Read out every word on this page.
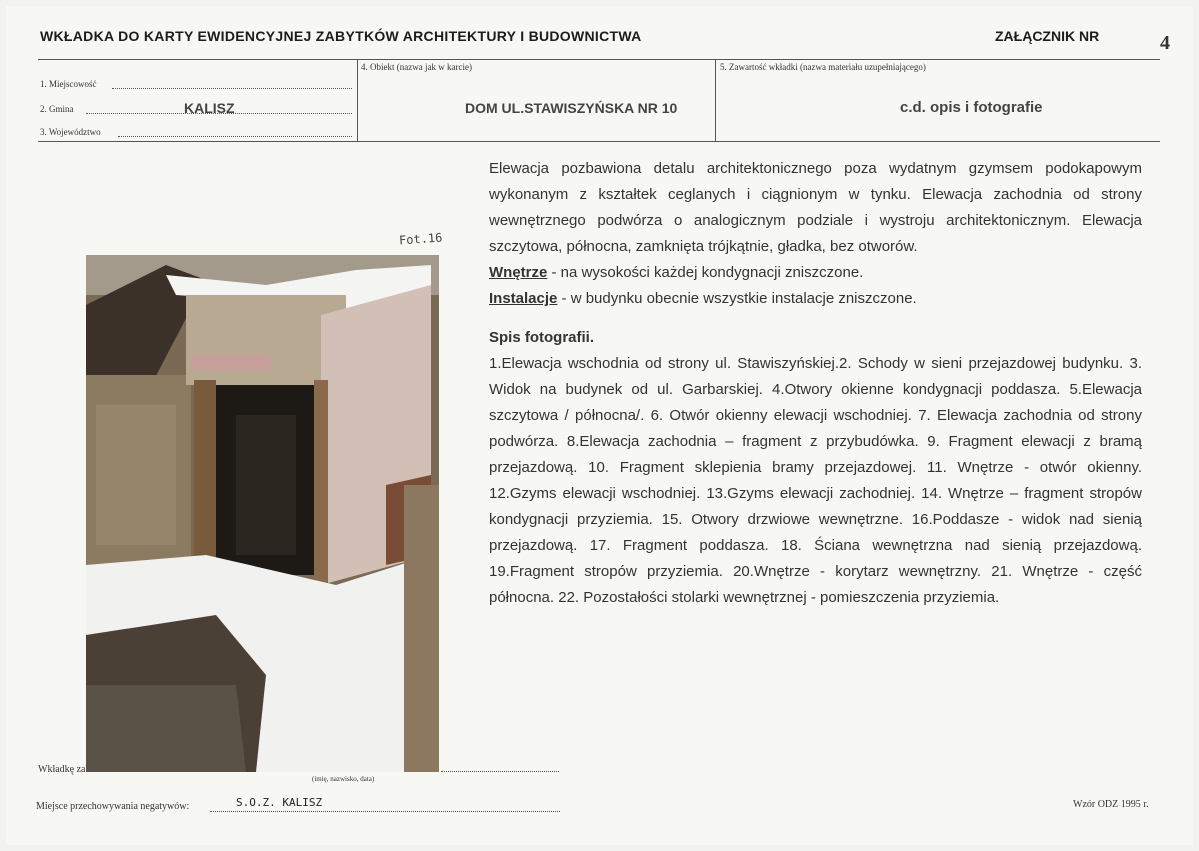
WKŁADKA DO KARTY EWIDENCYJNEJ ZABYTKÓW ARCHITEKTURY I BUDOWNICTWA	ZAŁĄCZNIK NR	4
1. Miejscowość
2. Gmina	KALISZ
3. Województwo
4. Obiekt (nazwa jak w karcie)
DOM UL.STAWISZYŃSKA NR 10
5. Zawartość wkładki (nazwa materiału uzupełniającego)
c.d. opis i fotografie
Fot.16

Elewacja pozbawiona detalu architektonicznego poza wydatnym gzymsem podokapowym wykonanym z kształtek ceglanych i ciągnionym w tynku. Elewacja zachodnia od strony wewnętrznego podwórza o analogicznym podziale i wystroju architektonicznym. Elewacja szczytowa, północna, zamknięta trójkątnie, gładka, bez otworów.

Wnętrze - na wysokości każdej kondygnacji zniszczone.

Instalacje - w budynku obecnie wszystkie instalacje zniszczone.

Spis fotografii.

1.Elewacja wschodnia od strony ul. Stawiszyńskiej.2. Schody w sieni przejazdowej budynku. 3. Widok na budynek od ul. Garbarskiej. 4.Otwory okienne kondygnacji poddasza. 5.Elewacja szczytowa / północna/. 6. Otwór okienny elewacji wschodniej. 7. Elewacja zachodnia od strony podwórza. 8.Elewacja zachodnia – fragment z przybudówka. 9. Fragment elewacji z bramą przejazdową. 10. Fragment sklepienia bramy przejazdowej. 11. Wnętrze - otwór okienny. 12.Gzyms elewacji wschodniej. 13.Gzyms elewacji zachodniej. 14. Wnętrze – fragment stropów kondygnacji przyziemia. 15. Otwory drzwiowe wewnętrzne. 16.Poddasze - widok nad sienią przejazdową. 17. Fragment poddasza. 18. Ściana wewnętrzna nad sienią przejazdową. 19.Fragment stropów przyziemia. 20.Wnętrze - korytarz wewnętrzny. 21. Wnętrze - część północna. 22. Pozostałości stolarki wewnętrznej - pomieszczenia przyziemia.

Wkładkę za
(imię, nazwisko, data)
Miejsce przechowywania negatywów:	S.O.Z. KALISZ	Wzór ODZ 1995 r.
